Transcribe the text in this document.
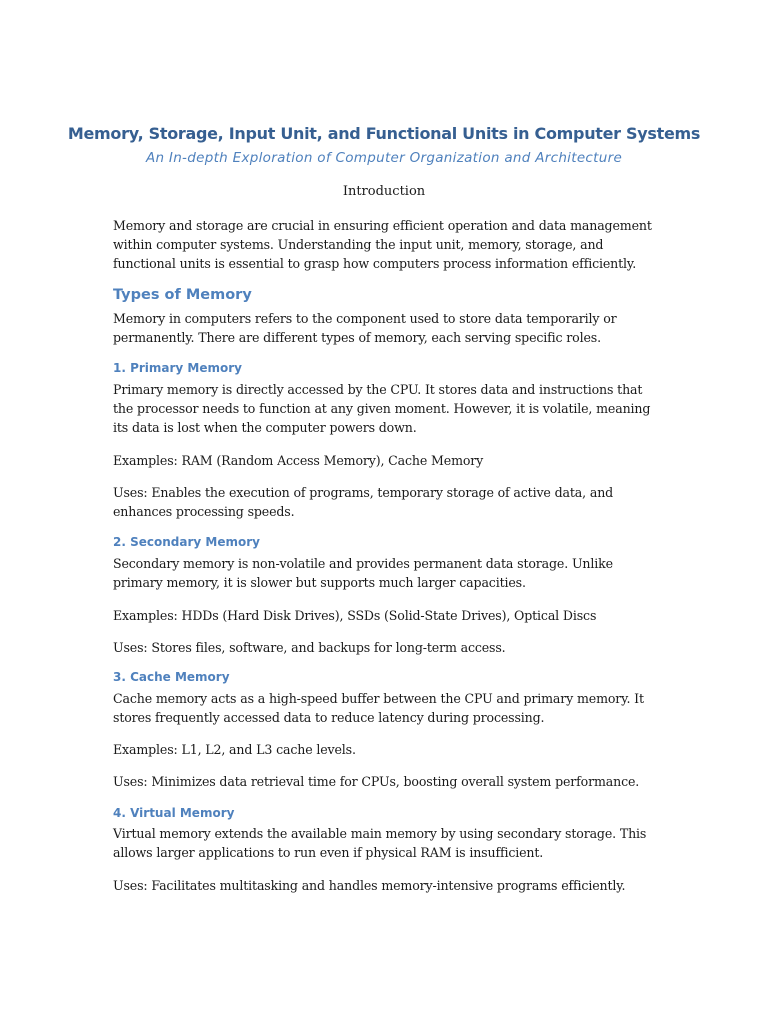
Memory, Storage, Input Unit, and Functional Units in Computer Systems

An In-depth Exploration of Computer Organization and Architecture

Introduction

Memory and storage are crucial in ensuring efficient operation and data management within computer systems. Understanding the input unit, memory, storage, and functional units is essential to grasp how computers process information efficiently.

Types of Memory

Memory in computers refers to the component used to store data temporarily or permanently. There are different types of memory, each serving specific roles.

1. Primary Memory

Primary memory is directly accessed by the CPU. It stores data and instructions that the processor needs to function at any given moment. However, it is volatile, meaning its data is lost when the computer powers down.

Examples: RAM (Random Access Memory), Cache Memory

Uses: Enables the execution of programs, temporary storage of active data, and enhances processing speeds.

2. Secondary Memory

Secondary memory is non-volatile and provides permanent data storage. Unlike primary memory, it is slower but supports much larger capacities.

Examples: HDDs (Hard Disk Drives), SSDs (Solid-State Drives), Optical Discs

Uses: Stores files, software, and backups for long-term access.

3. Cache Memory

Cache memory acts as a high-speed buffer between the CPU and primary memory. It stores frequently accessed data to reduce latency during processing.

Examples: L1, L2, and L3 cache levels.

Uses: Minimizes data retrieval time for CPUs, boosting overall system performance.

4. Virtual Memory

Virtual memory extends the available main memory by using secondary storage. This allows larger applications to run even if physical RAM is insufficient.

Uses: Facilitates multitasking and handles memory-intensive programs efficiently.
